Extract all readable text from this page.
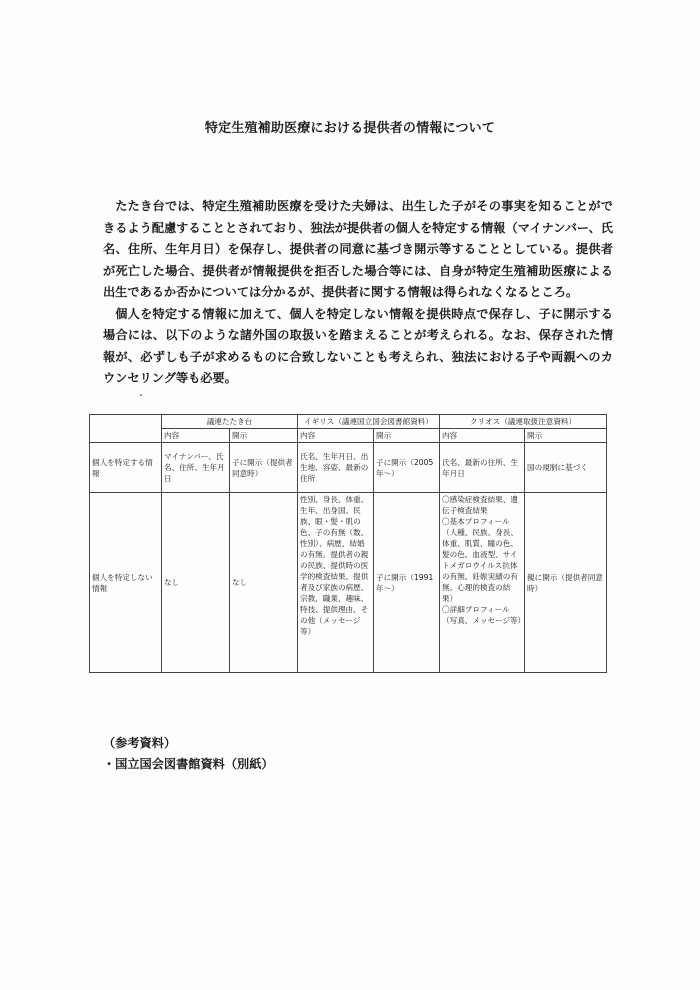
特定生殖補助医療における提供者の情報について

たたき台では、特定生殖補助医療を受けた夫婦は、出生した子がその事実を知ることができるよう配慮することとされており、独法が提供者の個人を特定する情報（マイナンバー、氏名、住所、生年月日）を保存し、提供者の同意に基づき開示等することとしている。提供者が死亡した場合、提供者が情報提供を拒否した場合等には、自身が特定生殖補助医療による出生であるか否かについては分かるが、提供者に関する情報は得られなくなるところ。

個人を特定する情報に加えて、個人を特定しない情報を提供時点で保存し、子に開示する場合には、以下のような諸外国の取扱いを踏まえることが考えられる。なお、保存された情報が、必ずしも子が求めるものに合致しないことも考えられ、独法における子や両親へのカウンセリング等も必要。

	議連たたき台		イギリス（議連国立国会図書館資料）		クリオス（議連取扱注意資料）	
	内容	開示	内容	開示	内容	開示
個人を特定する情報	マイナンバー、氏名、住所、生年月日	子に開示（提供者同意時）	氏名、生年月日、出生地、容姿、最新の住所	子に開示（2005年～）	氏名、最新の住所、生年月日	国の規制に基づく
個人を特定しない情報	なし	なし	性別、身長、体重、生年、出身国、民族、眼・髪・肌の色、子の有無（数、性別）、病歴、結婚の有無、提供者の親の民族、提供時の医学的検査結果、提供者及び家族の病歴、宗教、職業、趣味、特技、提供理由、その他（メッセージ等）	子に開示（1991年～）	〇感染症検査結果、遺伝子検査結果
〇基本プロフィール
（人種、民族、身長、体重、肌質、瞳の色、髪の色、血液型、サイトメガロウイルス抗体の有無、妊娠実績の有無、心理的検査の結果）
〇詳細プロフィール
（写真、メッセージ等）	親に開示（提供者同意時）
（参考資料）
・国立国会図書館資料（別紙）
